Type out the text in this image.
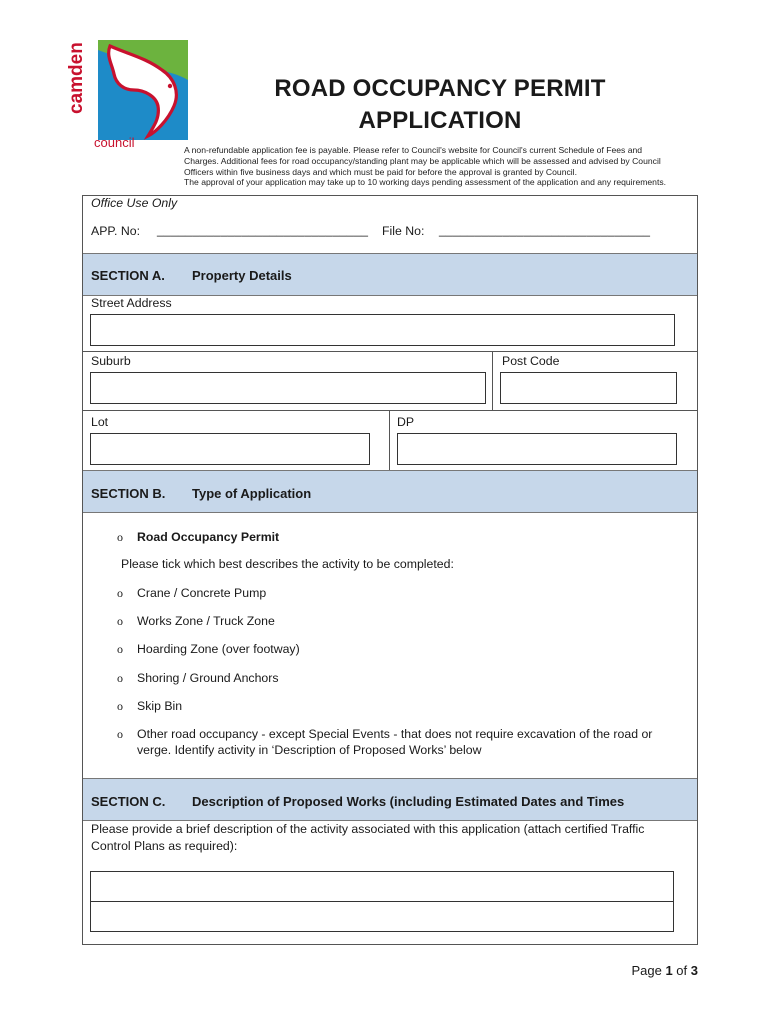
camden
council
ROAD OCCUPANCY PERMIT
APPLICATION
A non-refundable application fee is payable. Please refer to Council's website for Council's current Schedule of Fees and
Charges. Additional fees for road occupancy/standing plant may be applicable which will be assessed and advised by Council
Officers within five business days and which must be paid for before the approval is granted by Council.
The approval of your application may take up to 10 working days pending assessment of the application and any requirements.
Office Use Only
APP. No: ______________________________ File No: ______________________________
SECTION A. Property Details
Street Address
Suburb	Post Code
Lot	DP
SECTION B. Type of Application
o Road Occupancy Permit
Please tick which best describes the activity to be completed:
o Crane / Concrete Pump
o Works Zone / Truck Zone
o Hoarding Zone (over footway)
o Shoring / Ground Anchors
o Skip Bin
o Other road occupancy - except Special Events - that does not require excavation of the road or
verge. Identify activity in ‘Description of Proposed Works’ below
SECTION C. Description of Proposed Works (including Estimated Dates and Times
Please provide a brief description of the activity associated with this application (attach certified Traffic
Control Plans as required):
Page 1 of 3
